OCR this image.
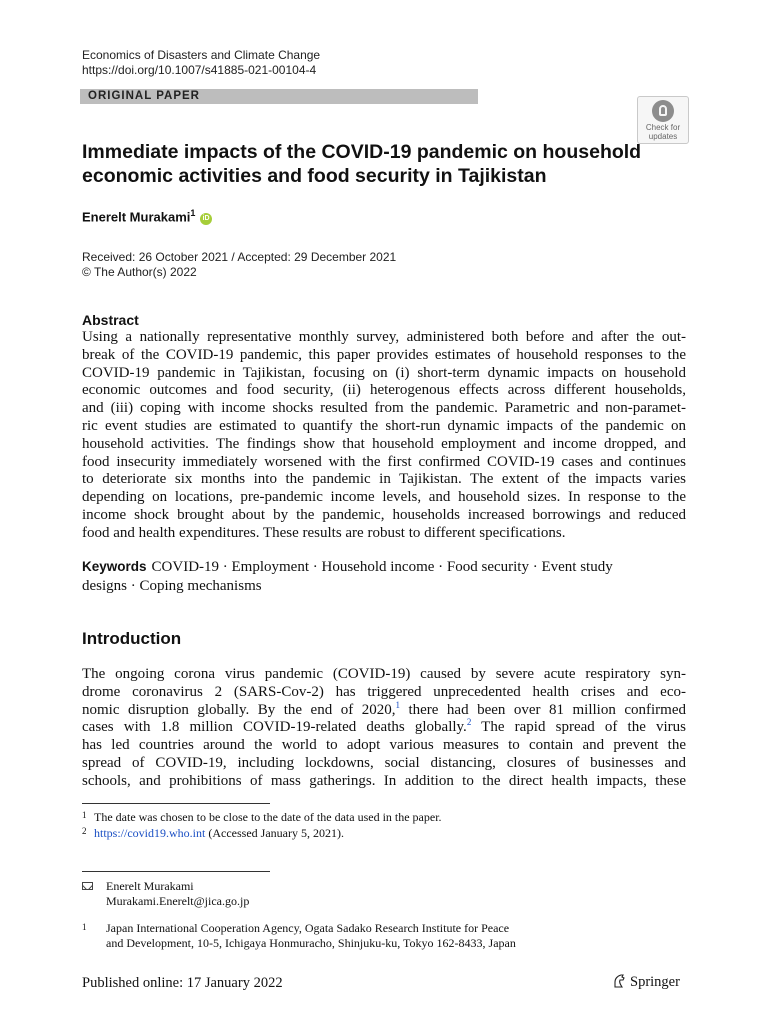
Economics of Disasters and Climate Change
https://doi.org/10.1007/s41885-021-00104-4
ORIGINAL PAPER
Check for
updates
Immediate impacts of the COVID-19 pandemic on household
economic activities and food security in Tajikistan
Enerelt Murakami$^1$ iD
Received: 26 October 2021 / Accepted: 29 December 2021
© The Author(s) 2022
Abstract
Using a nationally representative monthly survey, administered both before and after the out-
break of the COVID-19 pandemic, this paper provides estimates of household responses to the
COVID-19 pandemic in Tajikistan, focusing on (i) short-term dynamic impacts on household
economic outcomes and food security, (ii) heterogenous effects across different households,
and (iii) coping with income shocks resulted from the pandemic. Parametric and non-paramet-
ric event studies are estimated to quantify the short-run dynamic impacts of the pandemic on
household activities. The findings show that household employment and income dropped, and
food insecurity immediately worsened with the first confirmed COVID-19 cases and continues
to deteriorate six months into the pandemic in Tajikistan. The extent of the impacts varies
depending on locations, pre-pandemic income levels, and household sizes. In response to the
income shock brought about by the pandemic, households increased borrowings and reduced
food and health expenditures. These results are robust to different specifications.
Keywords COVID-19 · Employment · Household income · Food security · Event study
designs · Coping mechanisms
Introduction
The ongoing corona virus pandemic (COVID-19) caused by severe acute respiratory syn-
drome coronavirus 2 (SARS-Cov-2) has triggered unprecedented health crises and eco-
nomic disruption globally. By the end of 2020,$^1$ there had been over 81 million confirmed
cases with 1.8 million COVID-19-related deaths globally.$^2$ The rapid spread of the virus
has led countries around the world to adopt various measures to contain and prevent the
spread of COVID-19, including lockdowns, social distancing, closures of businesses and
schools, and prohibitions of mass gatherings. In addition to the direct health impacts, these
1 The date was chosen to be close to the date of the data used in the paper.
2 https://covid19.who.int (Accessed January 5, 2021).
Enerelt Murakami
Murakami.Enerelt@jica.go.jp
1 Japan International Cooperation Agency, Ogata Sadako Research Institute for Peace
and Development, 10-5, Ichigaya Honmuracho, Shinjuku-ku, Tokyo 162-8433, Japan
Published online: 17 January 2022	Springer
